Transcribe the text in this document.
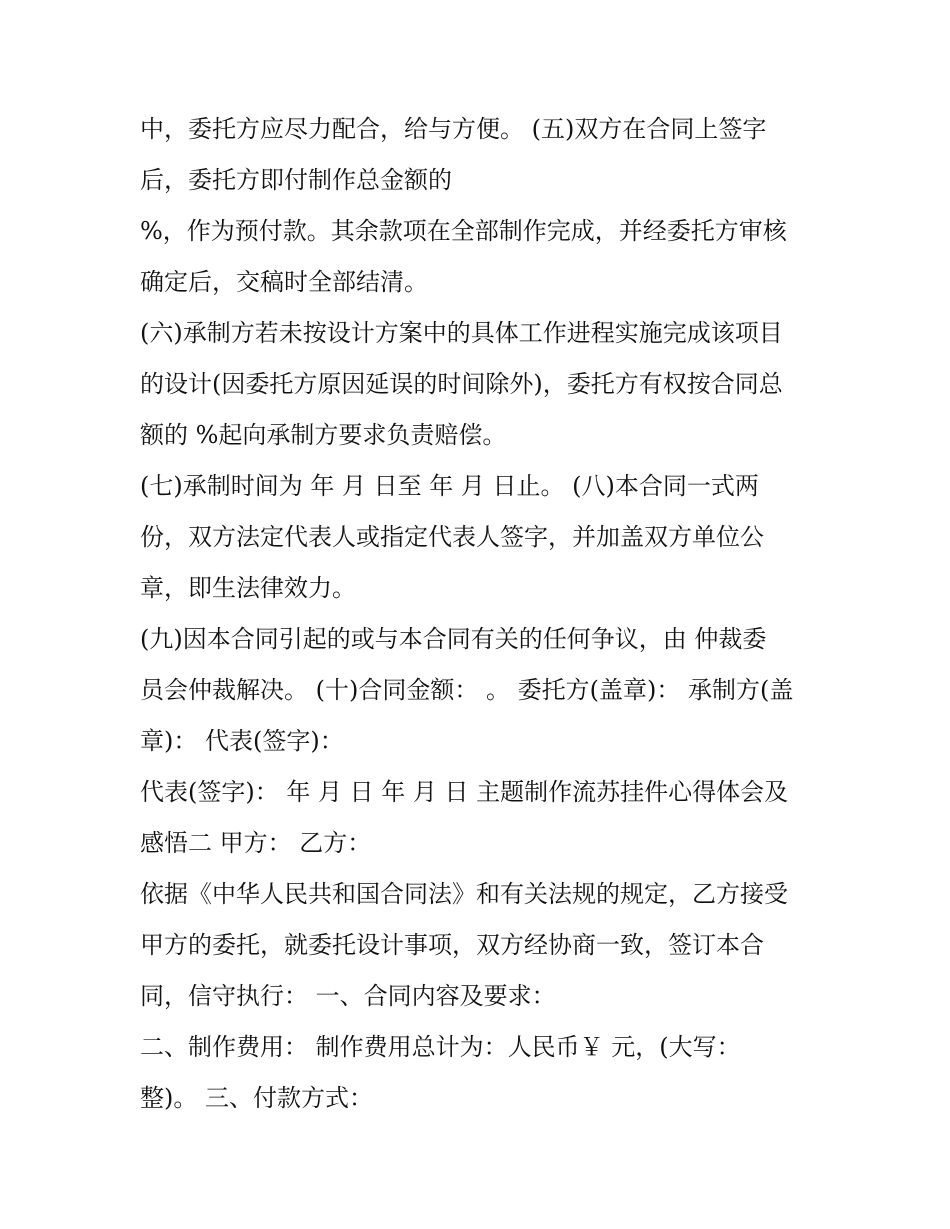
中，委托方应尽力配合，给与方便。 (五)双方在合同上签字
后，委托方即付制作总金额的
%，作为预付款。其余款项在全部制作完成，并经委托方审核
确定后，交稿时全部结清。
(六)承制方若未按设计方案中的具体工作进程实施完成该项目
的设计(因委托方原因延误的时间除外)，委托方有权按合同总
额的 %起向承制方要求负责赔偿。
(七)承制时间为 年 月 日至 年 月 日止。 (八)本合同一式两
份，双方法定代表人或指定代表人签字，并加盖双方单位公
章，即生法律效力。
(九)因本合同引起的或与本合同有关的任何争议，由 仲裁委
员会仲裁解决。 (十)合同金额： 。 委托方(盖章)： 承制方(盖
章)： 代表(签字)：
代表(签字)： 年 月 日 年 月 日 主题制作流苏挂件心得体会及
感悟二 甲方： 乙方：
依据《中华人民共和国合同法》和有关法规的规定，乙方接受
甲方的委托，就委托设计事项，双方经协商一致，签订本合
同，信守执行： 一、合同内容及要求：
二、制作费用： 制作费用总计为：人民币￥ 元，(大写：
整)。 三、付款方式：
